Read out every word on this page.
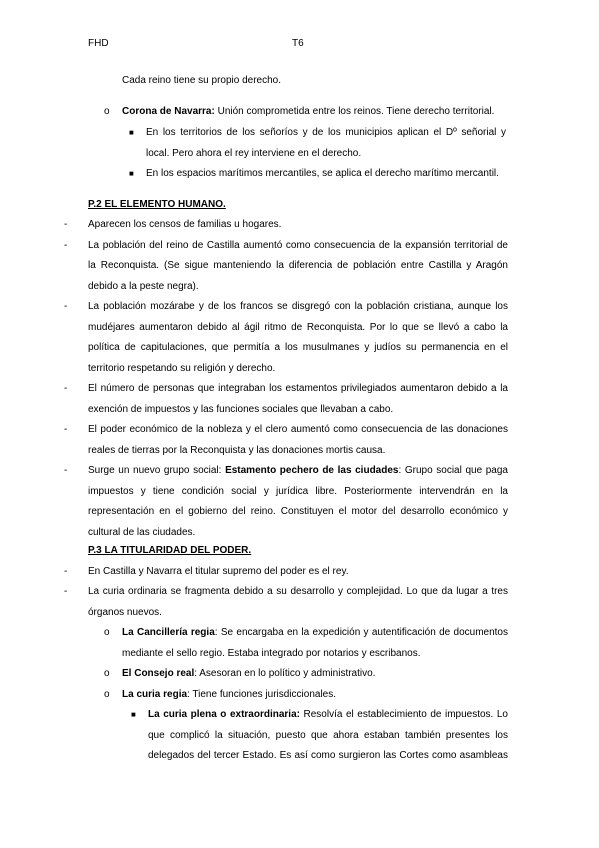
FHD	T6
Cada reino tiene su propio derecho.
o Corona de Navarra: Unión comprometida entre los reinos. Tiene derecho territorial.
■ En los territorios de los señoríos y de los municipios aplican el Dº señorial y
local. Pero ahora el rey interviene en el derecho.
■ En los espacios marítimos mercantiles, se aplica el derecho marítimo mercantil.
P.2 EL ELEMENTO HUMANO.
- Aparecen los censos de familias u hogares.
- La población del reino de Castilla aumentó como consecuencia de la expansión territorial de
la Reconquista. (Se sigue manteniendo la diferencia de población entre Castilla y Aragón
debido a la peste negra).
- La población mozárabe y de los francos se disgregó con la población cristiana, aunque los
mudéjares aumentaron debido al ágil ritmo de Reconquista. Por lo que se llevó a cabo la
política de capitulaciones, que permitía a los musulmanes y judíos su permanencia en el
territorio respetando su religión y derecho.
- El número de personas que integraban los estamentos privilegiados aumentaron debido a la
exención de impuestos y las funciones sociales que llevaban a cabo.
- El poder económico de la nobleza y el clero aumentó como consecuencia de las donaciones
reales de tierras por la Reconquista y las donaciones mortis causa.
- Surge un nuevo grupo social: Estamento pechero de las ciudades: Grupo social que paga
impuestos y tiene condición social y jurídica libre. Posteriormente intervendrán en la
representación en el gobierno del reino. Constituyen el motor del desarrollo económico y
cultural de las ciudades.
P.3 LA TITULARIDAD DEL PODER.
- En Castilla y Navarra el titular supremo del poder es el rey.
- La curia ordinaria se fragmenta debido a su desarrollo y complejidad. Lo que da lugar a tres
órganos nuevos.
o La Cancillería regia: Se encargaba en la expedición y autentificación de documentos
mediante el sello regio. Estaba integrado por notarios y escribanos.
o El Consejo real: Asesoran en lo político y administrativo.
o La curia regia: Tiene funciones jurisdiccionales.
■ La curia plena o extraordinaria: Resolvía el establecimiento de impuestos. Lo
que complicó la situación, puesto que ahora estaban también presentes los
delegados del tercer Estado. Es así como surgieron las Cortes como asambleas
